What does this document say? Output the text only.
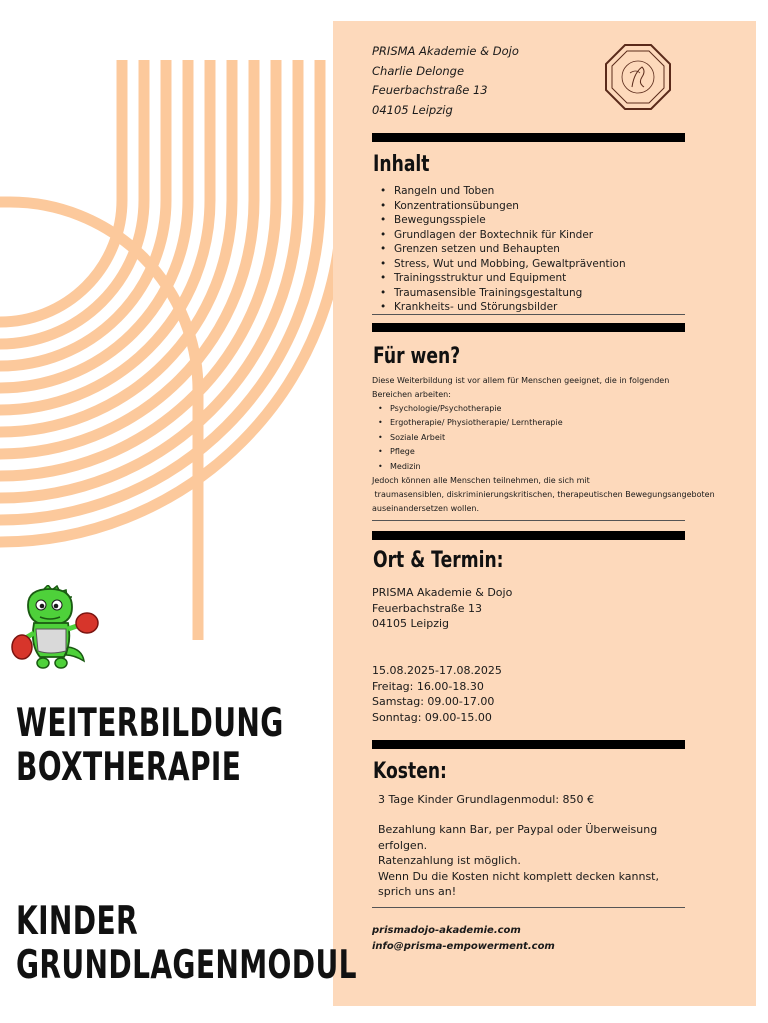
PRISMA Akademie & Dojo
Charlie Delonge
Feuerbachstraße 13
04105 Leipzig
Inhalt
• Rangeln und Toben
• Konzentrationsübungen
• Bewegungsspiele
• Grundlagen der Boxtechnik für Kinder
• Grenzen setzen und Behaupten
• Stress, Wut und Mobbing, Gewaltprävention
• Trainingsstruktur und Equipment
• Traumasensible Trainingsgestaltung
• Krankheits- und Störungsbilder
Für wen?
Diese Weiterbildung ist vor allem für Menschen geeignet, die in folgenden
Bereichen arbeiten:
• Psychologie/Psychotherapie
• Ergotherapie/ Physiotherapie/ Lerntherapie
• Soziale Arbeit
• Pflege
• Medizin
Jedoch können alle Menschen teilnehmen, die sich mit
traumasensiblen, diskriminierungskritischen, therapeutischen Bewegungsangeboten
auseinandersetzen wollen.
Ort & Termin:
PRISMA Akademie & Dojo
Feuerbachstraße 13
04105 Leipzig
15.08.2025-17.08.2025
Freitag: 16.00-18.30
Samstag: 09.00-17.00
Sonntag: 09.00-15.00
Kosten:
3 Tage Kinder Grundlagenmodul: 850 €
Bezahlung kann Bar, per Paypal oder Überweisung
erfolgen.
Ratenzahlung ist möglich.
Wenn Du die Kosten nicht komplett decken kannst,
sprich uns an!
prismadojo-akademie.com
info@prisma-empowerment.com
WEITERBILDUNG
BOXTHERAPIE
KINDER
GRUNDLAGENMODUL
